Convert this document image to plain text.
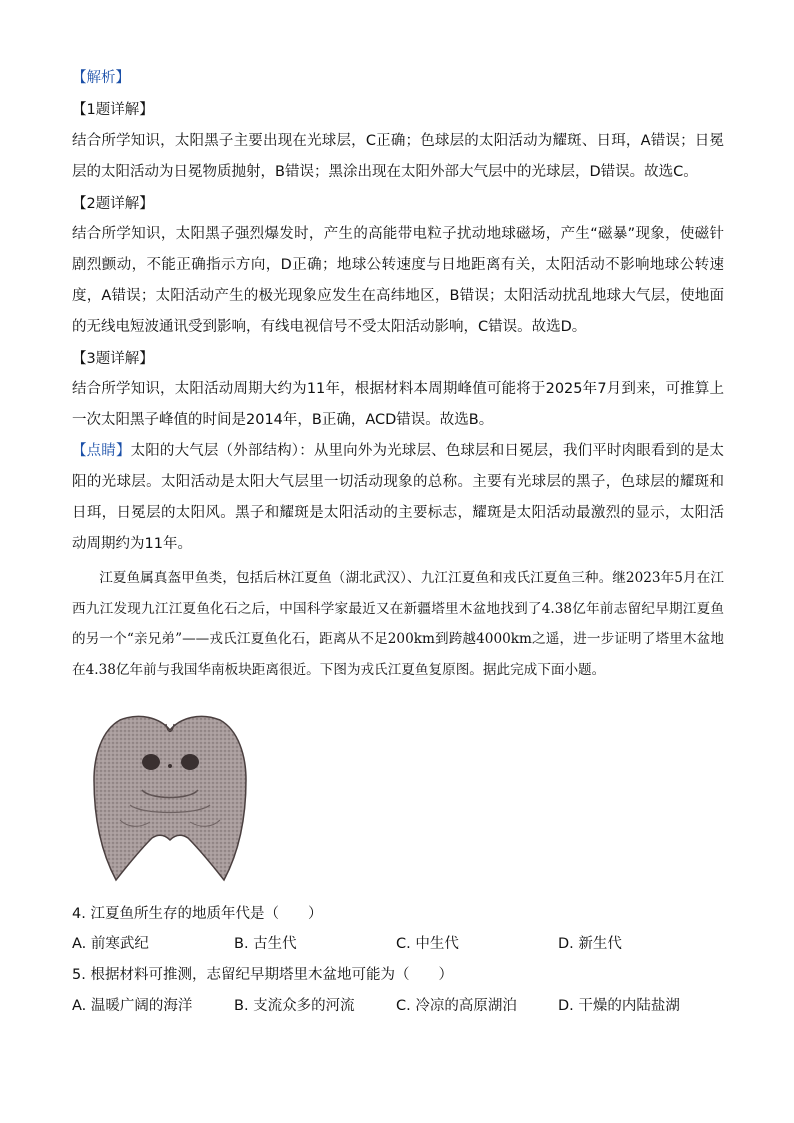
【解析】
【1题详解】

结合所学知识，太阳黑子主要出现在光球层，C正确；色球层的太阳活动为耀斑、日珥，A错误；日冕层的太阳活动为日冕物质抛射，B错误；黑涂出现在太阳外部大气层中的光球层，D错误。故选C。

【2题详解】

结合所学知识，太阳黑子强烈爆发时，产生的高能带电粒子扰动地球磁场，产生“磁暴”现象，使磁针剧烈颤动，不能正确指示方向，D正确；地球公转速度与日地距离有关，太阳活动不影响地球公转速度，A错误；太阳活动产生的极光现象应发生在高纬地区，B错误；太阳活动扰乱地球大气层，使地面的无线电短波通讯受到影响，有线电视信号不受太阳活动影响，C错误。故选D。

【3题详解】

结合所学知识，太阳活动周期大约为11年，根据材料本周期峰值可能将于2025年7月到来，可推算上一次太阳黑子峰值的时间是2014年，B正确，ACD错误。故选B。

【点睛】太阳的大气层（外部结构）：从里向外为光球层、色球层和日冕层，我们平时肉眼看到的是太阳的光球层。太阳活动是太阳大气层里一切活动现象的总称。主要有光球层的黑子，色球层的耀斑和日珥，日冕层的太阳风。黑子和耀斑是太阳活动的主要标志，耀斑是太阳活动最激烈的显示，太阳活动周期约为11年。

江夏鱼属真盔甲鱼类，包括后林江夏鱼（湖北武汉）、九江江夏鱼和戎氏江夏鱼三种。继2023年5月在江西九江发现九江江夏鱼化石之后，中国科学家最近又在新疆塔里木盆地找到了4.38亿年前志留纪早期江夏鱼的另一个“亲兄弟”——戎氏江夏鱼化石，距离从不足200km到跨越4000km之遥，进一步证明了塔里木盆地在4.38亿年前与我国华南板块距离很近。下图为戎氏江夏鱼复原图。据此完成下面小题。

4. 江夏鱼所生存的地质年代是（　　）
A. 前寒武纪	B. 古生代	C. 中生代	D. 新生代
5. 根据材料可推测，志留纪早期塔里木盆地可能为（　　）
A. 温暖广阔的海洋	B. 支流众多的河流	C. 冷凉的高原湖泊	D. 干燥的内陆盐湖
